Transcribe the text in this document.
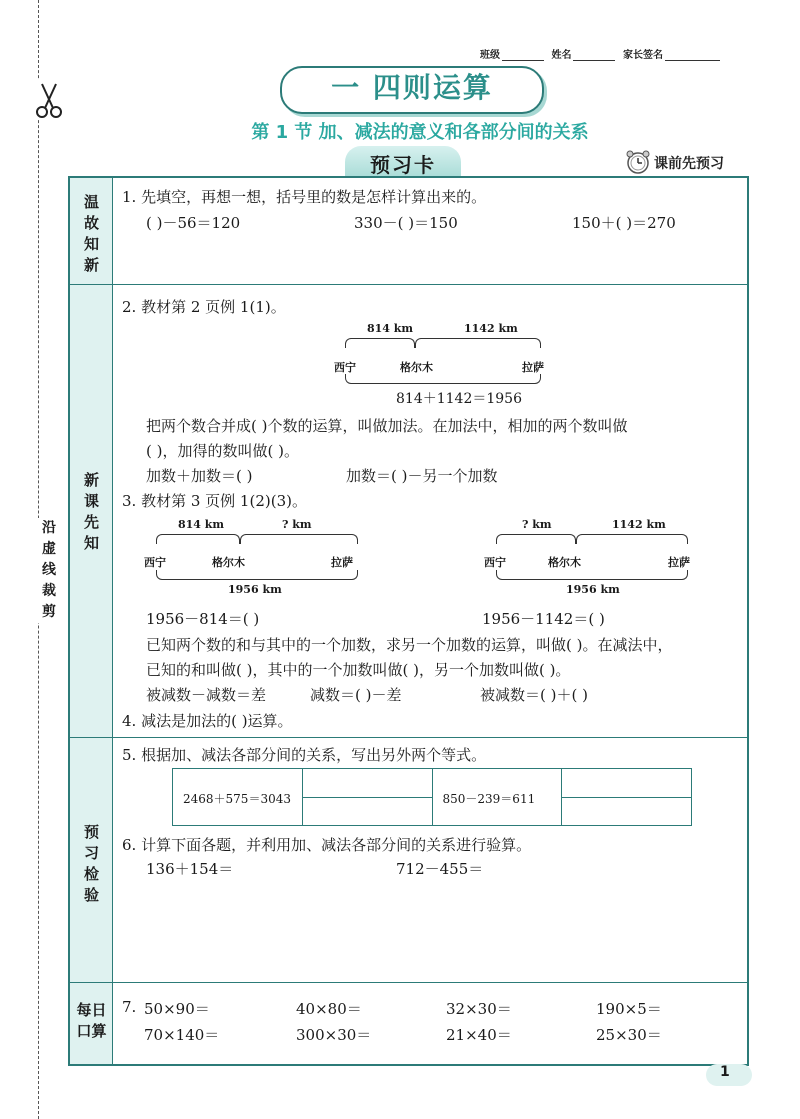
沿
虚
线
裁
剪
班级	姓名	家长签名
一 四则运算
第 1 节 加、减法的意义和各部分间的关系
预习卡	课前先预习
温
故
知
新
新
课
先
知
预
习
检
验
每日
口算
1. 先填空，再想一想，括号里的数是怎样计算出来的。
( )－56＝120	330－( )＝150	150＋( )＝270
2. 教材第 2 页例 1(1)。
814 km	1142 km
西宁	格尔木	拉萨
814＋1142＝1956
把两个数合并成( )个数的运算，叫做加法。在加法中，相加的两个数叫做
( )，加得的数叫做( )。
加数＋加数＝( )	加数＝( )－另一个加数
3. 教材第 3 页例 1(2)(3)。
814 km	? km
西宁	格尔木	拉萨
1956 km
? km	1142 km
西宁	格尔木	拉萨
1956 km
1956－814＝( )	1956－1142＝( )
已知两个数的和与其中的一个加数，求另一个加数的运算，叫做( )。在减法中，
已知的和叫做( )，其中的一个加数叫做( )，另一个加数叫做( )。
被减数－减数＝差	减数＝( )－差	被减数＝( )＋( )
4. 减法是加法的( )运算。
5. 根据加、减法各部分间的关系，写出另外两个等式。
2468＋575＝3043	850－239＝611
6. 计算下面各题，并利用加、减法各部分间的关系进行验算。
136＋154＝	712－455＝
7. 50×90＝	40×80＝	32×30＝	190×5＝
70×140＝	300×30＝	21×40＝	25×30＝
1
